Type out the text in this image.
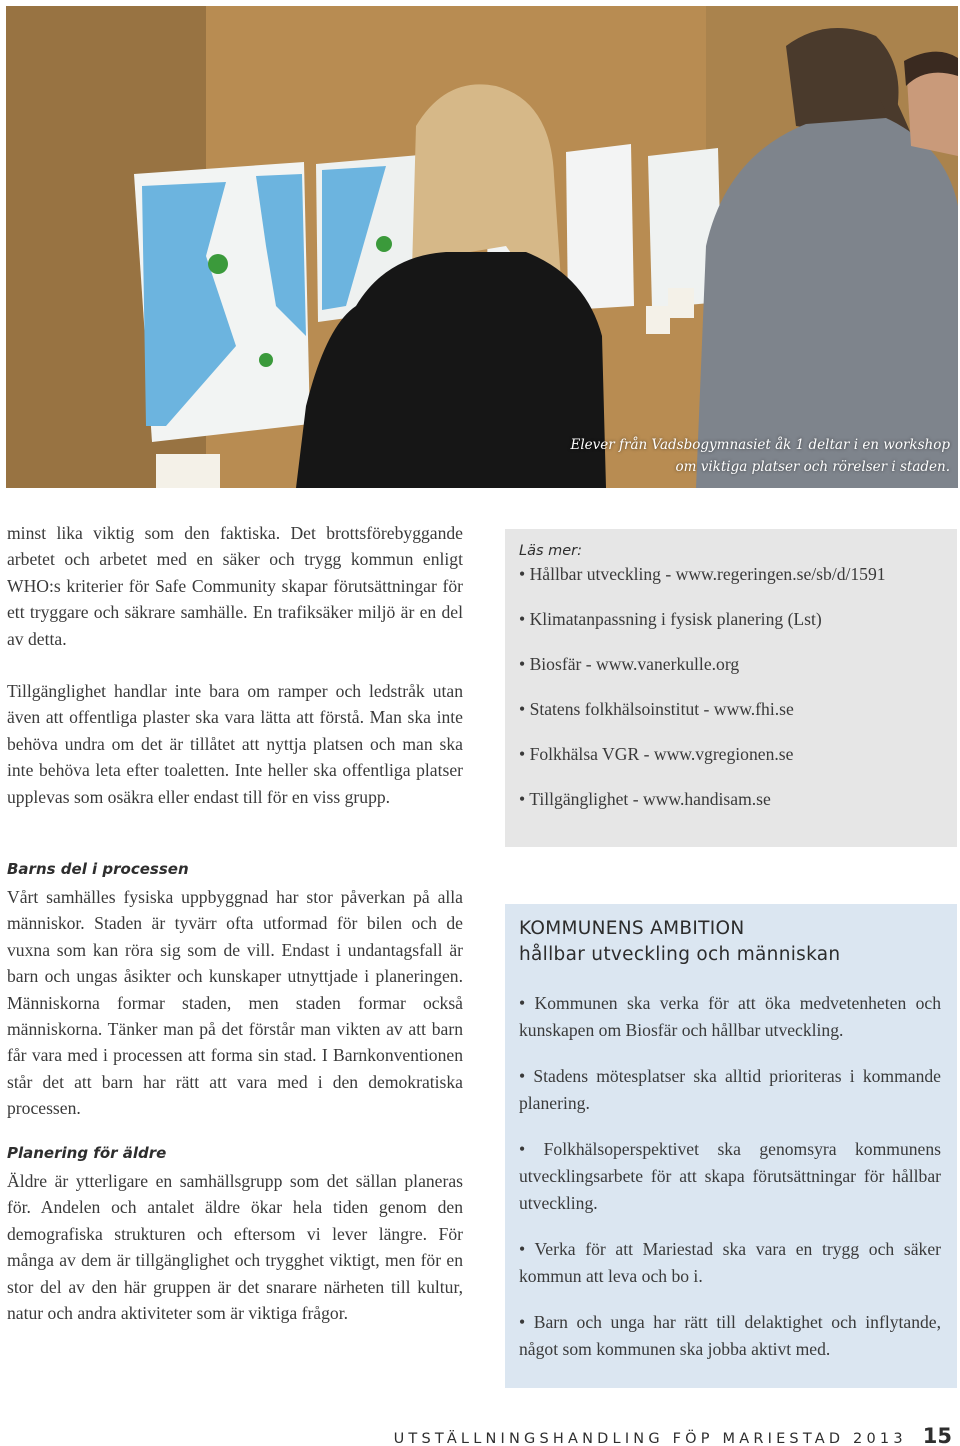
Elever från Vadsbogymnasiet åk 1 deltar i en workshop
om viktiga platser och rörelser i staden.

minst lika viktig som den faktiska. Det brottsförebyggande arbetet och arbetet med en säker och trygg kommun enligt WHO:s kriterier för Safe Community skapar förutsättningar för ett tryggare och säkrare samhälle. En trafiksäker miljö är en del av detta.

Tillgänglighet handlar inte bara om ramper och ledstråk utan även att offentliga plaster ska vara lätta att förstå. Man ska inte behöva undra om det är tillåtet att nyttja platsen och man ska inte behöva leta efter toaletten. Inte heller ska offentliga platser upplevas som osäkra eller endast till för en viss grupp.

Barns del i processen

Vårt samhälles fysiska uppbyggnad har stor påverkan på alla människor. Staden är tyvärr ofta utformad för bilen och de vuxna som kan röra sig som de vill. Endast i undantagsfall är barn och ungas åsikter och kunskaper utnyttjade i planeringen. Människorna formar staden, men staden formar också människorna. Tänker man på det förstår man vikten av att barn får vara med i processen att forma sin stad. I Barnkonventionen står det att barn har rätt att vara med i den demokratiska processen.

Planering för äldre

Äldre är ytterligare en samhällsgrupp som det sällan planeras för. Andelen och antalet äldre ökar hela tiden genom den demografiska strukturen och eftersom vi lever längre. För många av dem är tillgänglighet och trygghet viktigt, men för en stor del av den här gruppen är det snarare närheten till kultur, natur och andra aktiviteter som är viktiga frågor.

Läs mer:
• Hållbar utveckling - www.regeringen.se/sb/d/1591
• Klimatanpassning i fysisk planering (Lst)
• Biosfär - www.vanerkulle.org
• Statens folkhälsoinstitut - www.fhi.se
• Folkhälsa VGR - www.vgregionen.se
• Tillgänglighet - www.handisam.se
KOMMUNENS AMBITION
hållbar utveckling och människan

• Kommunen ska verka för att öka medvetenheten och kunskapen om Biosfär och hållbar utveckling.

• Stadens mötesplatser ska alltid prioriteras i kommande planering.

• Folkhälsoperspektivet ska genomsyra kommunens utvecklingsarbete för att skapa förutsättningar för hållbar utveckling.

• Verka för att Mariestad ska vara en trygg och säker kommun att leva och bo i.

• Barn och unga har rätt till delaktighet och inflytande, något som kommunen ska jobba aktivt med.

UTSTÄLLNINGSHANDLING FÖP MARIESTAD 2013 15
